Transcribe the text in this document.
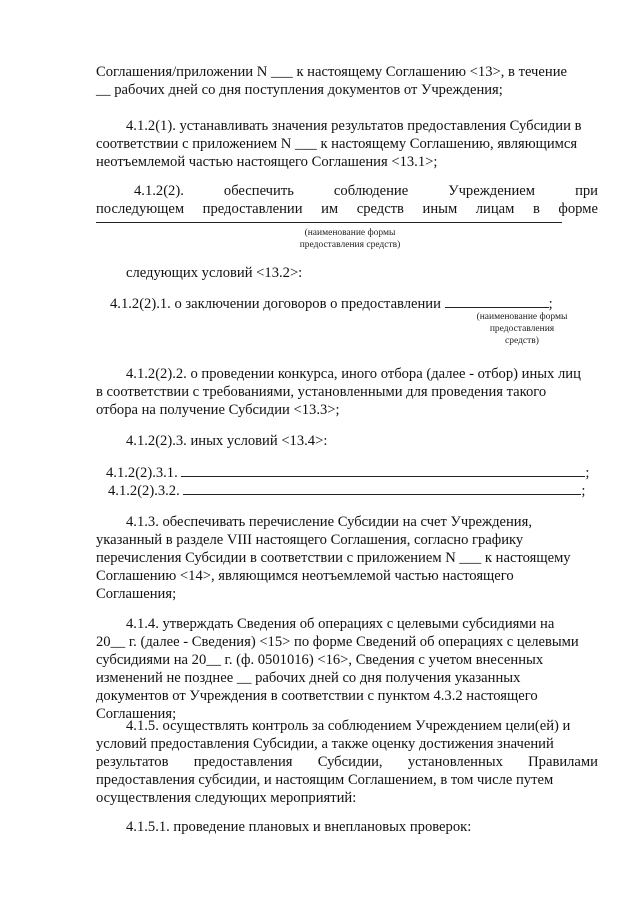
Соглашения/приложении N ___ к настоящему Соглашению <13>, в течение
__ рабочих дней со дня поступления документов от Учреждения;
4.1.2(1). устанавливать значения результатов предоставления Субсидии в
соответствии с приложением N ___ к настоящему Соглашению, являющимся
неотъемлемой частью настоящего Соглашения <13.1>;
4.1.2(2).	обеспечить	соблюдение	Учреждением	при
последующем предоставлении им средств иным лицам в форме
(наименование формы
предоставления средств)
следующих условий <13.2>:
4.1.2(2).1. о заключении договоров о предоставлении	;
(наименование формы
предоставления
средств)
4.1.2(2).2. о проведении конкурса, иного отбора (далее - отбор) иных лиц
в соответствии с требованиями, установленными для проведения такого
отбора на получение Субсидии <13.3>;
4.1.2(2).3. иных условий <13.4>:
4.1.2(2).3.1.	;
4.1.2(2).3.2.	;
4.1.3. обеспечивать перечисление Субсидии на счет Учреждения,
указанный в разделе VIII настоящего Соглашения, согласно графику
перечисления Субсидии в соответствии с приложением N ___ к настоящему
Соглашению <14>, являющимся неотъемлемой частью настоящего
Соглашения;
4.1.4. утверждать Сведения об операциях с целевыми субсидиями на
20__ г. (далее - Сведения) <15> по форме Сведений об операциях с целевыми
субсидиями на 20__ г. (ф. 0501016) <16>, Сведения с учетом внесенных
изменений не позднее __ рабочих дней со дня получения указанных
документов от Учреждения в соответствии с пунктом 4.3.2 настоящего
Соглашения;
4.1.5. осуществлять контроль за соблюдением Учреждением цели(ей) и
условий предоставления Субсидии, а также оценку достижения значений
результатов предоставления Субсидии, установленных Правилами
предоставления субсидии, и настоящим Соглашением, в том числе путем
осуществления следующих мероприятий:
4.1.5.1. проведение плановых и внеплановых проверок:
